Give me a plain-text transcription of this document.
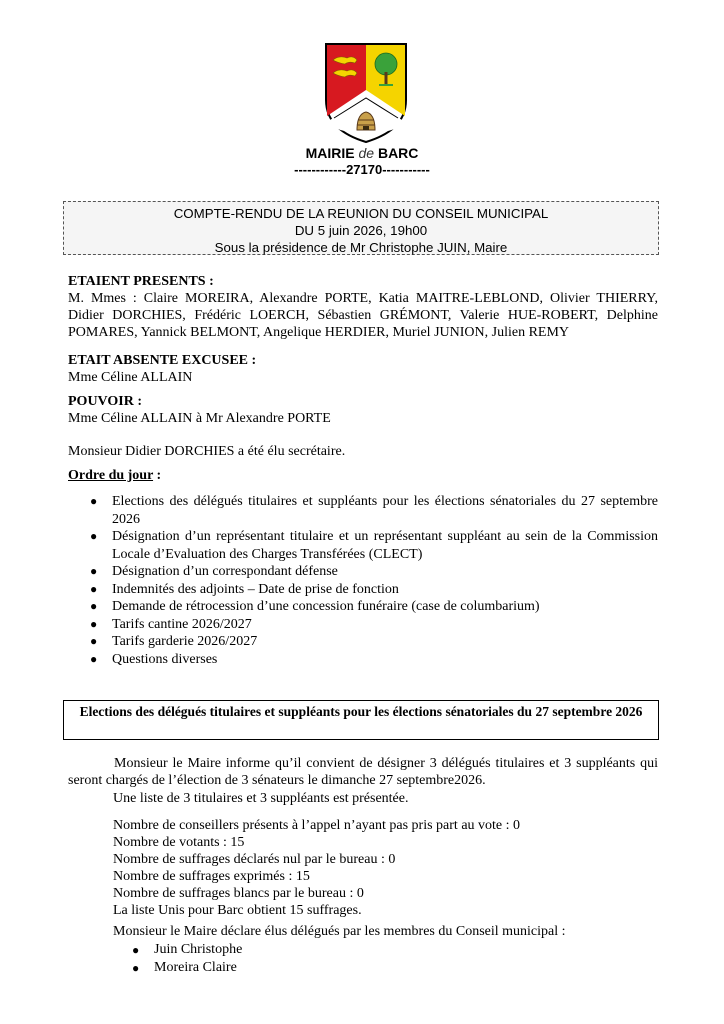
MAIRIE de BARC
------------27170-----------
COMPTE-RENDU DE LA REUNION DU CONSEIL MUNICIPAL
DU 5 juin 2026, 19h00
Sous la présidence de Mr Christophe JUIN, Maire
ETAIENT PRESENTS :
M. Mmes : Claire MOREIRA, Alexandre PORTE, Katia MAITRE-LEBLOND, Olivier THIERRY, Didier DORCHIES, Frédéric LOERCH, Sébastien GRÉMONT, Valerie HUE-ROBERT, Delphine POMARES, Yannick BELMONT, Angelique HERDIER, Muriel JUNION, Julien REMY
ETAIT ABSENTE EXCUSEE :
Mme Céline ALLAIN
POUVOIR :
Mme Céline ALLAIN à Mr Alexandre PORTE
Monsieur Didier DORCHIES a été élu secrétaire.
Ordre du jour :
● Elections des délégués titulaires et suppléants pour les élections sénatoriales du 27 septembre 2026
● Désignation d’un représentant titulaire et un représentant suppléant au sein de la Commission Locale d’Evaluation des Charges Transférées (CLECT)
● Désignation d’un correspondant défense
● Indemnités des adjoints – Date de prise de fonction
● Demande de rétrocession d’une concession funéraire (case de columbarium)
● Tarifs cantine 2026/2027
● Tarifs garderie 2026/2027
● Questions diverses
Elections des délégués titulaires et suppléants pour les élections sénatoriales du 27 septembre 2026
Monsieur le Maire informe qu’il convient de désigner 3 délégués titulaires et 3 suppléants qui seront chargés de l’élection de 3 sénateurs le dimanche 27 septembre2026.
Une liste de 3 titulaires et 3 suppléants est présentée.
Nombre de conseillers présents à l’appel n’ayant pas pris part au vote : 0
Nombre de votants : 15
Nombre de suffrages déclarés nul par le bureau : 0
Nombre de suffrages exprimés : 15
Nombre de suffrages blancs par le bureau : 0
La liste Unis pour Barc obtient 15 suffrages.
Monsieur le Maire déclare élus délégués par les membres du Conseil municipal :
● Juin Christophe
● Moreira Claire
